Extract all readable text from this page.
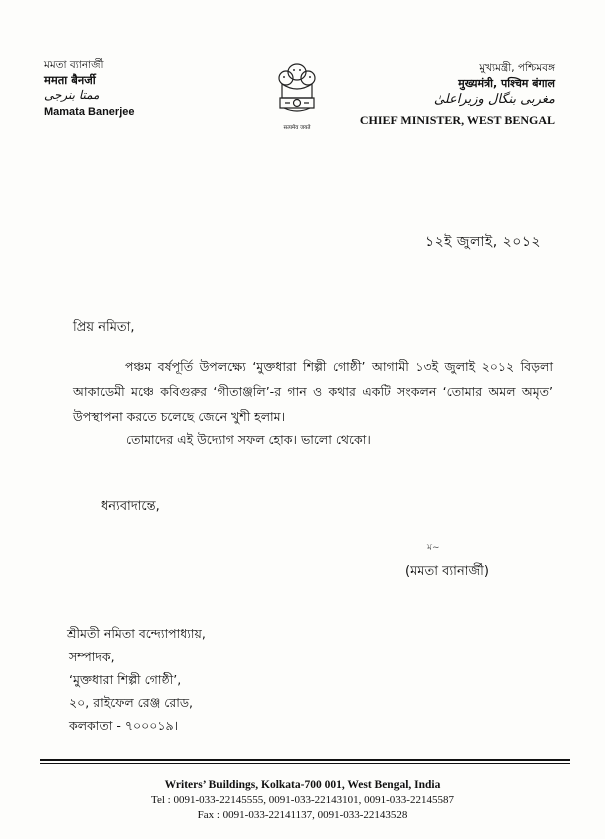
মমতা ব্যানার্জী
ममता बैनर्जी
ممتا بنرجی
Mamata Banerjee
सत्यमेव जयते
মুখ্যমন্ত্রী, পশ্চিমবঙ্গ
मुख्यमंत्री, पश्चिम बंगाल
مغربی بنگال وزیراعلیٰ
CHIEF MINISTER, WEST BENGAL
১২ই জুলাই, ২০১২
প্রিয় নমিতা,
পঞ্চম বর্ষপূর্তি উপলক্ষ্যে ‘মুক্তধারা শিল্পী গোষ্ঠী’ আগামী ১৩ই জুলাই ২০১২ বিড়লা আকাডেমী মঞ্চে কবিগুরুর ‘গীতাঞ্জলি’-র গান ও কথার একটি সংকলন ‘তোমার অমল অমৃত’ উপস্থাপনা করতে চলেছে জেনে খুশী হলাম।
তোমাদের এই উদ্যোগ সফল হোক। ভালো থেকো।
ধন্যবাদান্তে,
ম~
(মমতা ব্যানার্জী)
শ্রীমতী নমিতা বন্দ্যোপাধ্যায়,
সম্পাদক,
‘মুক্তধারা শিল্পী গোষ্ঠী’,
২০, রাইফেল রেঞ্জ রোড,
কলকাতা - ৭০০০১৯।
Writers’ Buildings, Kolkata-700 001, West Bengal, India
Tel : 0091-033-22145555, 0091-033-22143101, 0091-033-22145587
Fax : 0091-033-22141137, 0091-033-22143528
